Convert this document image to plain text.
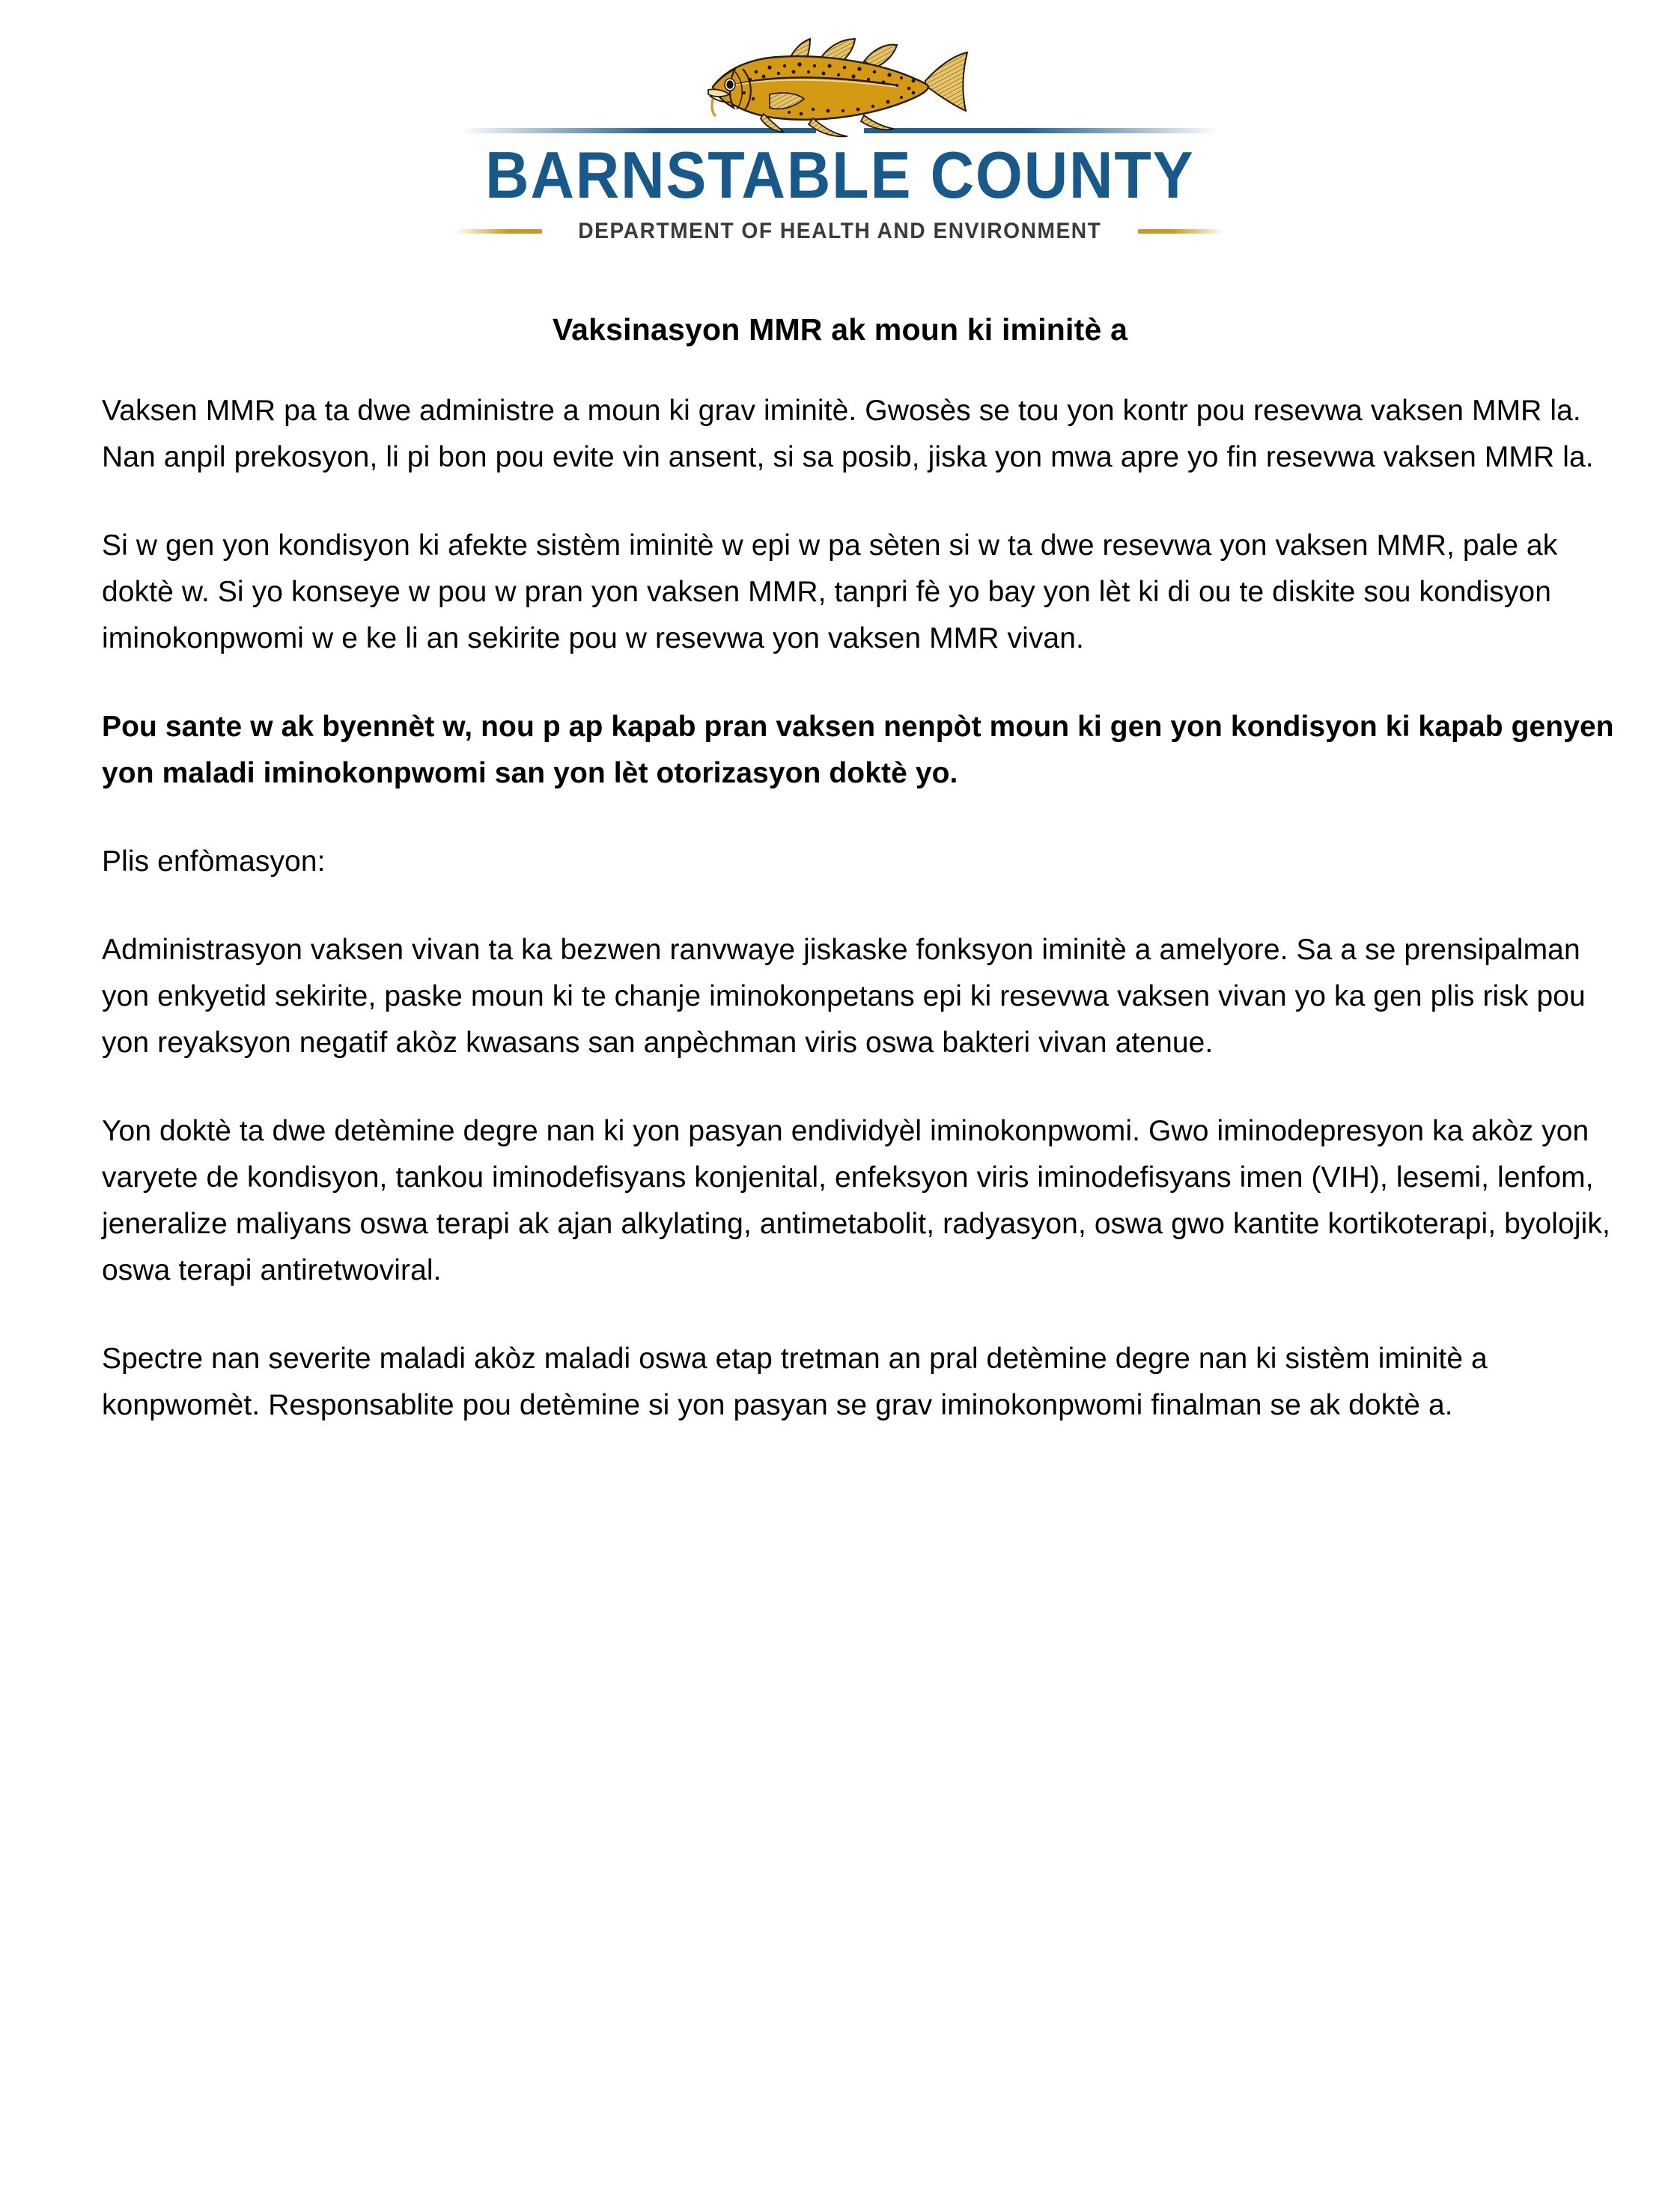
BARNSTABLE COUNTY
DEPARTMENT OF HEALTH AND ENVIRONMENT
Vaksinasyon MMR ak moun ki iminitè a

Vaksen MMR pa ta dwe administre a moun ki grav iminitè. Gwosès se tou yon kontr pou resevwa vaksen MMR la. Nan anpil prekosyon, li pi bon pou evite vin ansent, si sa posib, jiska yon mwa apre yo fin resevwa vaksen MMR la.

Si w gen yon kondisyon ki afekte sistèm iminitè w epi w pa sèten si w ta dwe resevwa yon vaksen MMR, pale ak doktè w. Si yo konseye w pou w pran yon vaksen MMR, tanpri fè yo bay yon lèt ki di ou te diskite sou kondisyon iminokonpwomi w e ke li an sekirite pou w resevwa yon vaksen MMR vivan.

Pou sante w ak byennèt w, nou p ap kapab pran vaksen nenpòt moun ki gen yon kondisyon ki kapab genyen yon maladi iminokonpwomi san yon lèt otorizasyon doktè yo.

Plis enfòmasyon:

Administrasyon vaksen vivan ta ka bezwen ranvwaye jiskaske fonksyon iminitè a amelyore. Sa a se prensipalman yon enkyetid sekirite, paske moun ki te chanje iminokonpetans epi ki resevwa vaksen vivan yo ka gen plis risk pou yon reyaksyon negatif akòz kwasans san anpèchman viris oswa bakteri vivan atenue.

Yon doktè ta dwe detèmine degre nan ki yon pasyan endividyèl iminokonpwomi. Gwo iminodepresyon ka akòz yon varyete de kondisyon, tankou iminodefisyans konjenital, enfeksyon viris iminodefisyans imen (VIH), lesemi, lenfom, jeneralize maliyans oswa terapi ak ajan alkylating, antimetabolit, radyasyon, oswa gwo kantite kortikoterapi, byolojik, oswa terapi antiretwoviral.

Spectre nan severite maladi akòz maladi oswa etap tretman an pral detèmine degre nan ki sistèm iminitè a konpwomèt. Responsablite pou detèmine si yon pasyan se grav iminokonpwomi finalman se ak doktè a.
